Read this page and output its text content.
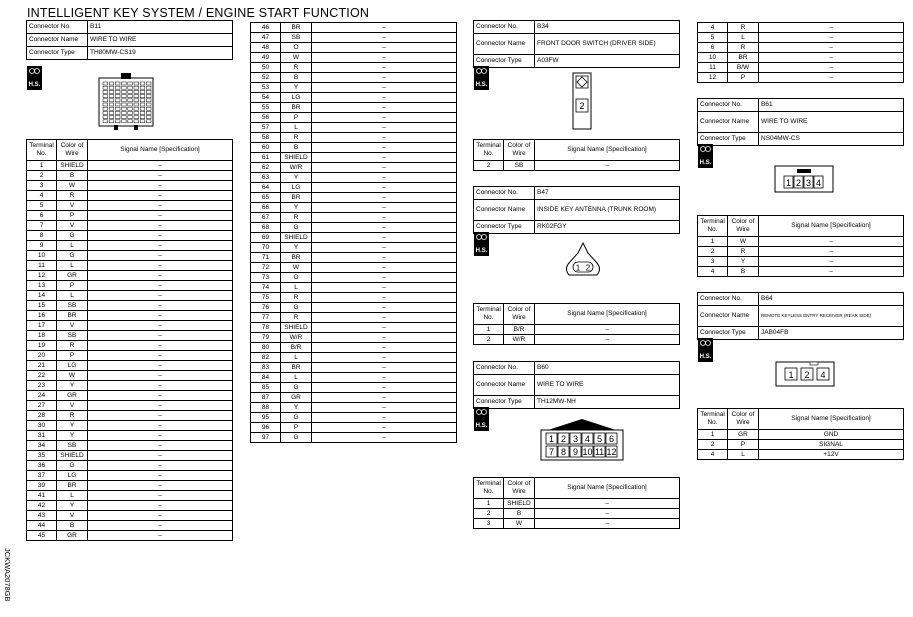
INTELLIGENT KEY SYSTEM / ENGINE START FUNCTION
JCKWA2078GB
Connector No.	B11
Connector Name	WIRE TO WIRE
Connector Type	TH80MW-CS19
H.S.
Terminal No.	Color of Wire	Signal Name [Specification]
1	SHIELD	–
2	B	–
3	W	–
4	R	–
5	V	–
6	P	–
7	V	–
8	G	–
9	L	–
10	G	–
11	L	–
12	GR	–
13	P	–
14	L	–
15	SB	–
16	BR	–
17	V	–
18	SB	–
19	R	–
20	P	–
21	LG	–
22	W	–
23	Y	–
24	GR	–
27	V	–
28	R	–
30	Y	–
31	Y	–
34	SB	–
35	SHIELD	–
36	G	–
37	LG	–
39	BR	–
41	L	–
42	Y	–
43	V	–
44	B	–
45	GR	–
46	BR	–
47	SB	–
48	O	–
49	W	–
50	R	–
52	B	–
53	Y	–
54	LG	–
55	BR	–
56	P	–
57	L	–
58	R	–
60	B	–
61	SHIELD	–
62	W/R	–
63	Y	–
64	LG	–
65	BR	–
66	Y	–
67	R	–
68	G	–
69	SHIELD	–
70	Y	–
71	BR	–
72	W	–
73	O	–
74	L	–
75	R	–
76	G	–
77	R	–
78	SHIELD	–
79	W/R	–
80	B/R	–
82	L	–
83	BR	–
84	L	–
85	G	–
87	GR	–
88	Y	–
95	G	–
96	P	–
97	G	–
Connector No.	B34
Connector Name	FRONT DOOR SWITCH (DRIVER SIDE)
Connector Type	A03FW
H.S.
2
Terminal No.	Color of Wire	Signal Name [Specification]
2	SB	–
Connector No.	B47
Connector Name	INSIDE KEY ANTENNA (TRUNK ROOM)
Connector Type	RK02FGY
H.S.
1 2
Terminal No.	Color of Wire	Signal Name [Specification]
1	B/R	–
2	W/R	–
Connector No.	B60
Connector Name	WIRE TO WIRE
Connector Type	TH12MW-NH
H.S.
1 2 3 4 5 6
7 8 9 10 11 12
Terminal No.	Color of Wire	Signal Name [Specification]
1	SHIELD	–
2	B	–
3	W	–
4	R	–
5	L	–
6	R	–
10	BR	–
11	B/W	–
12	P	–
Connector No.	B61
Connector Name	WIRE TO WIRE
Connector Type	NS04MW-CS
H.S.
1 2 3 4
Terminal No.	Color of Wire	Signal Name [Specification]
1	W	–
2	R	–
3	Y	–
4	B	–
Connector No.	B64
Connector Name	REMOTE KEYLESS ENTRY RECEIVER (REAR SIDE)
Connector Type	JAB04FB
H.S.
1 2 4
Terminal No.	Color of Wire	Signal Name [Specification]
1	GR	GND
2	P	SIGNAL
4	L	+12V
